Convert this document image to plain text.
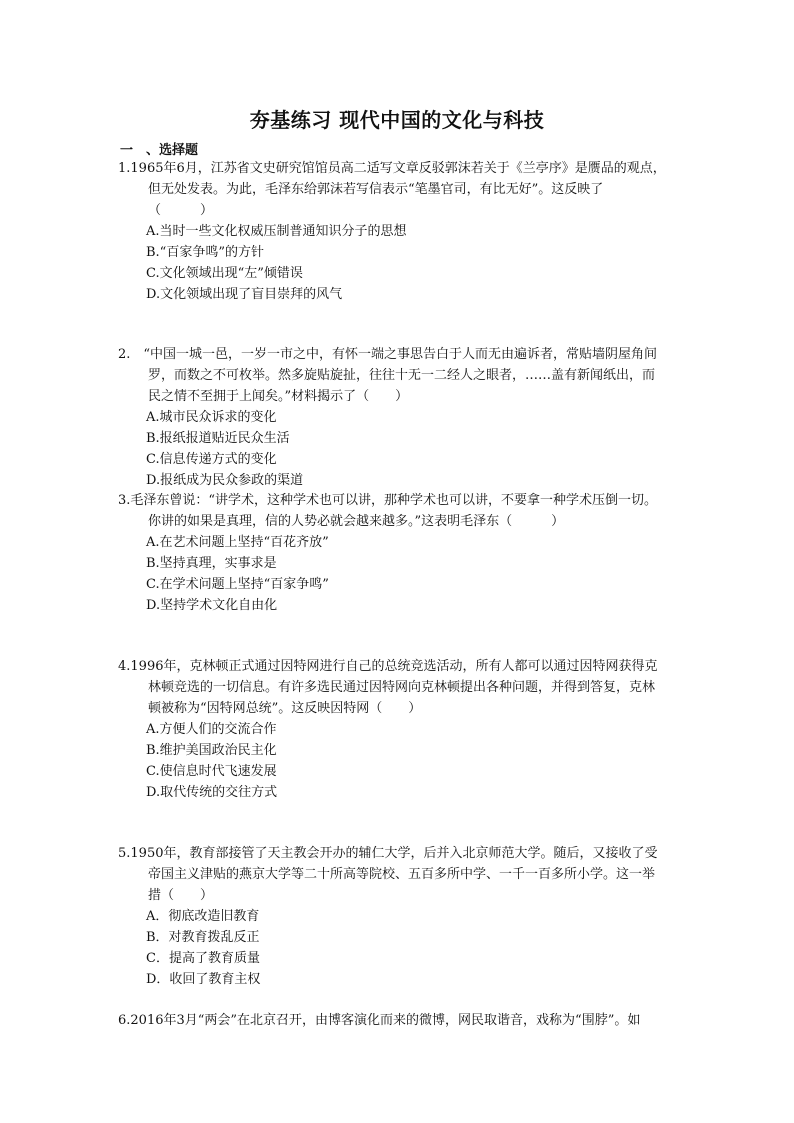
夯基练习 现代中国的文化与科技
一　、选择题
1.1965年6月，江苏省文史研究馆馆员高二适写文章反驳郭沫若关于《兰亭序》是赝品的观点，
但无处发表。为此，毛泽东给郭沫若写信表示“笔墨官司，有比无好”。这反映了
（　　　）
A.当时一些文化权威压制普通知识分子的思想
B.“百家争鸣”的方针
C.文化领域出现“左”倾错误
D.文化领域出现了盲目崇拜的风气
2.　“中国一城一邑，一岁一市之中，有怀一端之事思告白于人而无由遍诉者，常贴墙阴屋角间
罗，而数之不可枚举。然多旋贴旋扯，往往十无一二经人之眼者，……盖有新闻纸出，而
民之情不至拥于上闻矣。”材料揭示了（　　）
A.城市民众诉求的变化
B.报纸报道贴近民众生活
C.信息传递方式的变化
D.报纸成为民众参政的渠道
3.毛泽东曾说：“讲学术，这种学术也可以讲，那种学术也可以讲，不要拿一种学术压倒一切。
你讲的如果是真理，信的人势必就会越来越多。”这表明毛泽东（　　　）
A.在艺术问题上坚持“百花齐放”
B.坚持真理，实事求是
C.在学术问题上坚持“百家争鸣”
D.坚持学术文化自由化
4.1996年，克林顿正式通过因特网进行自己的总统竞选活动，所有人都可以通过因特网获得克
林顿竞选的一切信息。有许多选民通过因特网向克林顿提出各种问题，并得到答复，克林
顿被称为“因特网总统”。这反映因特网（　　）
A.方便人们的交流合作
B.维护美国政治民主化
C.使信息时代飞速发展
D.取代传统的交往方式
5.1950年，教育部接管了天主教会开办的辅仁大学，后并入北京师范大学。随后，又接收了受
帝国主义津贴的燕京大学等二十所高等院校、五百多所中学、一千一百多所小学。这一举
措（　　）
A．彻底改造旧教育
B．对教育拨乱反正
C．提高了教育质量
D．收回了教育主权
6.2016年3月“两会”在北京召开，由博客演化而来的微博，网民取谐音，戏称为“围脖”。如
